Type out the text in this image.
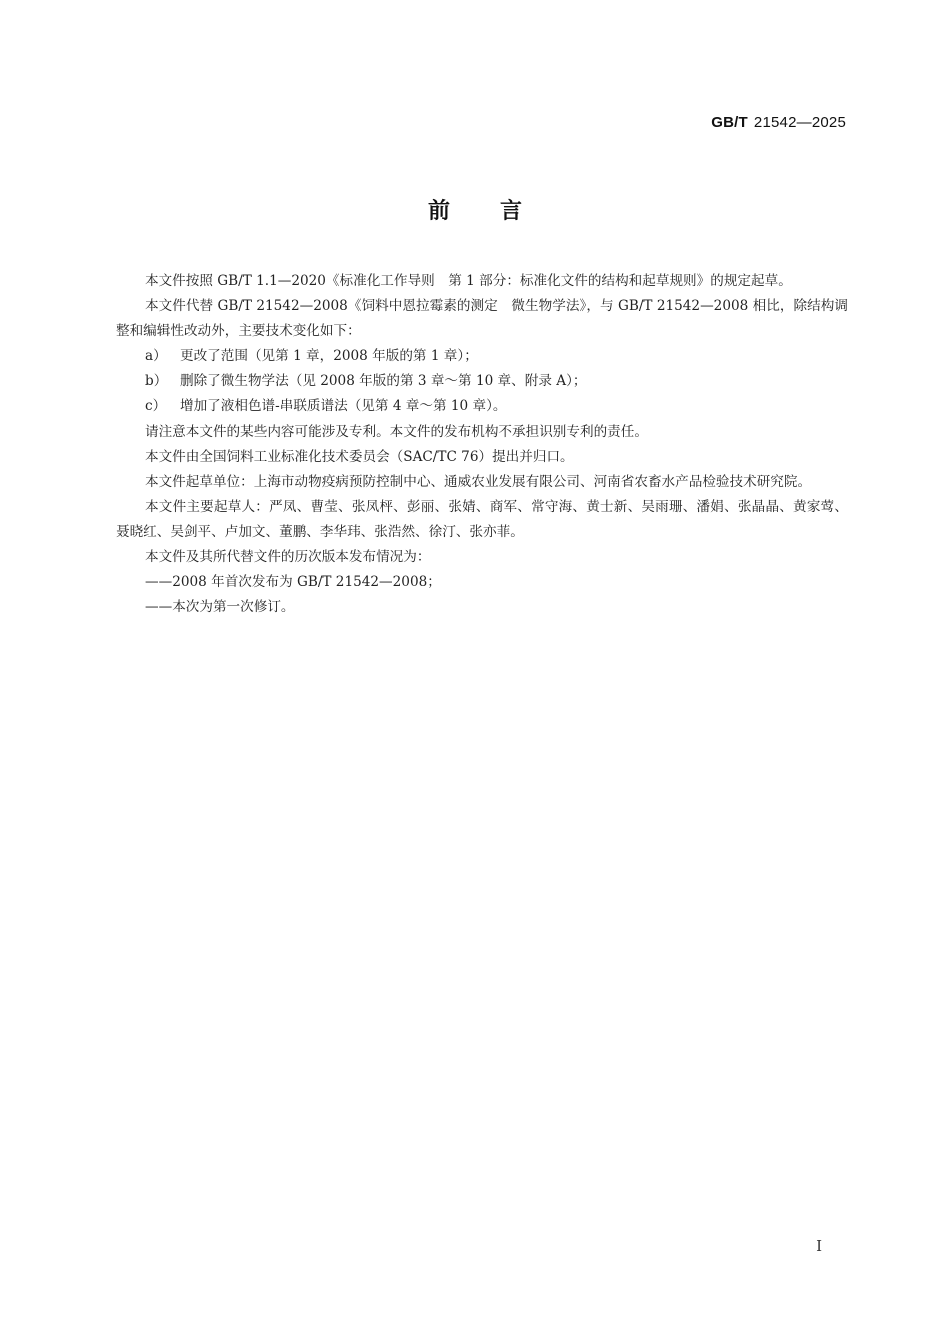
GB/T 21542—2025
前言

本文件按照 GB/T 1.1—2020《标准化工作导则　第 1 部分：标准化文件的结构和起草规则》的规定起草。

本文件代替 GB/T 21542—2008《饲料中恩拉霉素的测定　微生物学法》，与 GB/T 21542—2008 相比，除结构调整和编辑性改动外，主要技术变化如下：

a） 更改了范围（见第 1 章，2008 年版的第 1 章）；

b） 删除了微生物学法（见 2008 年版的第 3 章～第 10 章、附录 A）；

c） 增加了液相色谱-串联质谱法（见第 4 章～第 10 章）。

请注意本文件的某些内容可能涉及专利。本文件的发布机构不承担识别专利的责任。

本文件由全国饲料工业标准化技术委员会（SAC/TC 76）提出并归口。

本文件起草单位：上海市动物疫病预防控制中心、通威农业发展有限公司、河南省农畜水产品检验技术研究院。

本文件主要起草人：严凤、曹莹、张凤枰、彭丽、张婧、商军、常守海、黄士新、吴雨珊、潘娟、张晶晶、黄家莺、聂晓红、吴剑平、卢加文、董鹏、李华玮、张浩然、徐汀、张亦菲。

本文件及其所代替文件的历次版本发布情况为：

——2008 年首次发布为 GB/T 21542—2008；

——本次为第一次修订。

I
